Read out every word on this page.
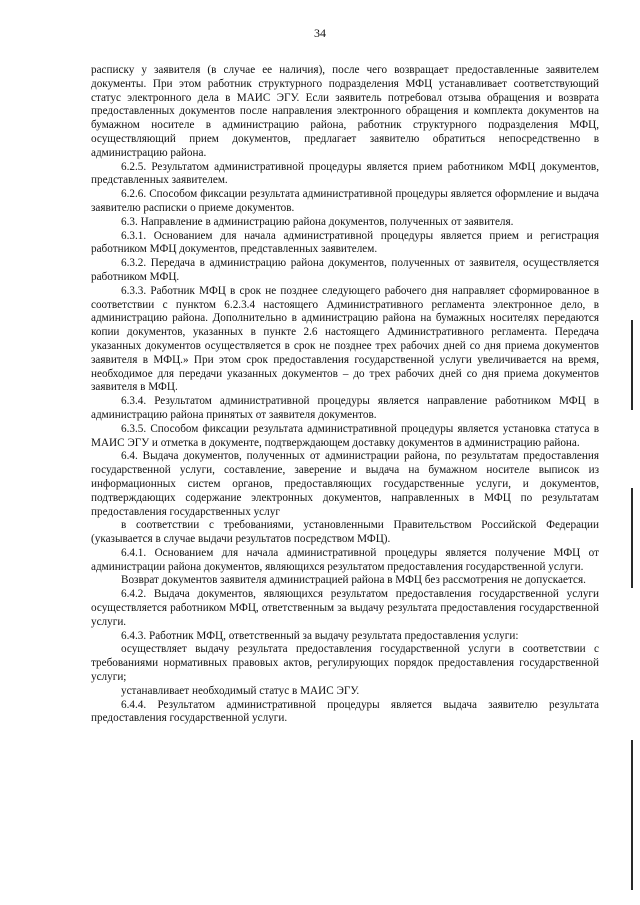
34

расписку у заявителя (в случае ее наличия), после чего возвращает предоставленные заявителем документы. При этом работник структурного подразделения МФЦ устанавливает соответствующий статус электронного дела в МАИС ЭГУ. Если заявитель потребовал отзыва обращения и возврата предоставленных документов после направления электронного обращения и комплекта документов на бумажном носителе в администрацию района, работник структурного подразделения МФЦ, осуществляющий прием документов, предлагает заявителю обратиться непосредственно в администрацию района.

6.2.5. Результатом административной процедуры является прием работником МФЦ документов, представленных заявителем.

6.2.6. Способом фиксации результата административной процедуры является оформление и выдача заявителю расписки о приеме документов.

6.3. Направление в администрацию района документов, полученных от заявителя.

6.3.1. Основанием для начала административной процедуры является прием и регистрация работником МФЦ документов, представленных заявителем.

6.3.2. Передача в администрацию района документов, полученных от заявителя, осуществляется работником МФЦ.

6.3.3. Работник МФЦ в срок не позднее следующего рабочего дня направляет сформированное в соответствии с пунктом 6.2.3.4 настоящего Административного регламента электронное дело, в администрацию района. Дополнительно в администрацию района на бумажных носителях передаются копии документов, указанных в пункте 2.6 настоящего Административного регламента. Передача указанных документов осуществляется в срок не позднее трех рабочих дней со дня приема документов заявителя в МФЦ.» При этом срок предоставления государственной услуги увеличивается на время, необходимое для передачи указанных документов – до трех рабочих дней со дня приема документов заявителя в МФЦ.

6.3.4. Результатом административной процедуры является направление работником МФЦ в администрацию района принятых от заявителя документов.

6.3.5. Способом фиксации результата административной процедуры является установка статуса в МАИС ЭГУ и отметка в документе, подтверждающем доставку документов в администрацию района.

6.4. Выдача документов, полученных от администрации района, по результатам предоставления государственной услуги, составление, заверение и выдача на бумажном носителе выписок из информационных систем органов, предоставляющих государственные услуги, и документов, подтверждающих содержание электронных документов, направленных в МФЦ по результатам предоставления государственных услуг

в соответствии с требованиями, установленными Правительством Российской Федерации (указывается в случае выдачи результатов посредством МФЦ).

6.4.1. Основанием для начала административной процедуры является получение МФЦ от администрации района документов, являющихся результатом предоставления государственной услуги.

Возврат документов заявителя администрацией района в МФЦ без рассмотрения не допускается.

6.4.2. Выдача документов, являющихся результатом предоставления государственной услуги осуществляется работником МФЦ, ответственным за выдачу результата предоставления государственной услуги.

6.4.3. Работник МФЦ, ответственный за выдачу результата предоставления услуги:

осуществляет выдачу результата предоставления государственной услуги в соответствии с требованиями нормативных правовых актов, регулирующих порядок предоставления государственной услуги;

устанавливает необходимый статус в МАИС ЭГУ.

6.4.4. Результатом административной процедуры является выдача заявителю результата предоставления государственной услуги.
